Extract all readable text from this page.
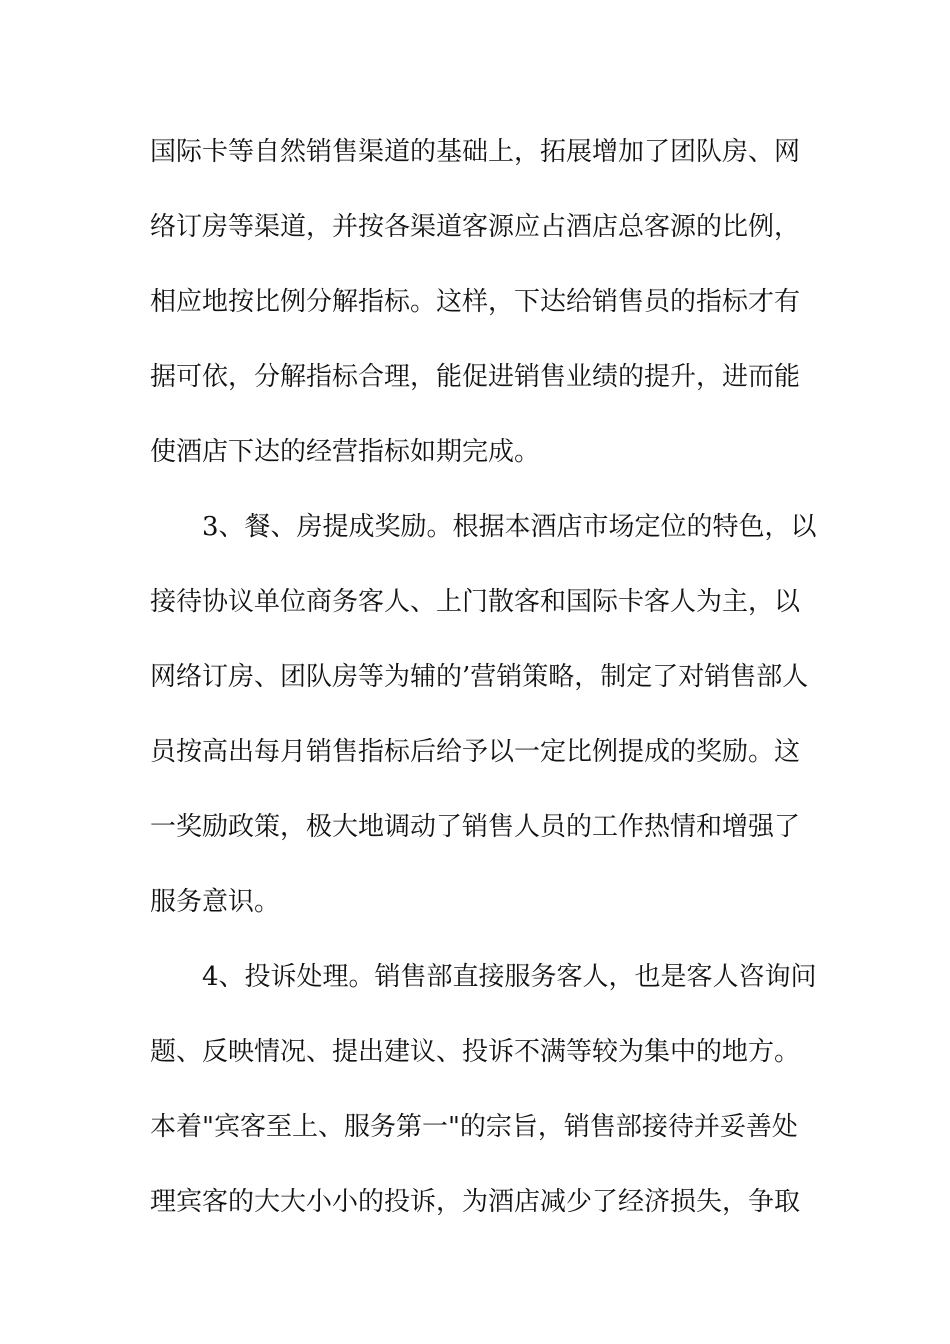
国际卡等自然销售渠道的基础上，拓展增加了团队房、网
络订房等渠道，并按各渠道客源应占酒店总客源的比例，
相应地按比例分解指标。这样，下达给销售员的指标才有
据可依，分解指标合理，能促进销售业绩的提升，进而能
使酒店下达的经营指标如期完成。
3、餐、房提成奖励。根据本酒店市场定位的特色，以
接待协议单位商务客人、上门散客和国际卡客人为主，以
网络订房、团队房等为辅的’营销策略，制定了对销售部人
员按高出每月销售指标后给予以一定比例提成的奖励。这
一奖励政策，极大地调动了销售人员的工作热情和增强了
服务意识。
4、投诉处理。销售部直接服务客人，也是客人咨询问
题、反映情况、提出建议、投诉不满等较为集中的地方。
本着"宾客至上、服务第一"的宗旨，销售部接待并妥善处
理宾客的大大小小的投诉，为酒店减少了经济损失，争取
